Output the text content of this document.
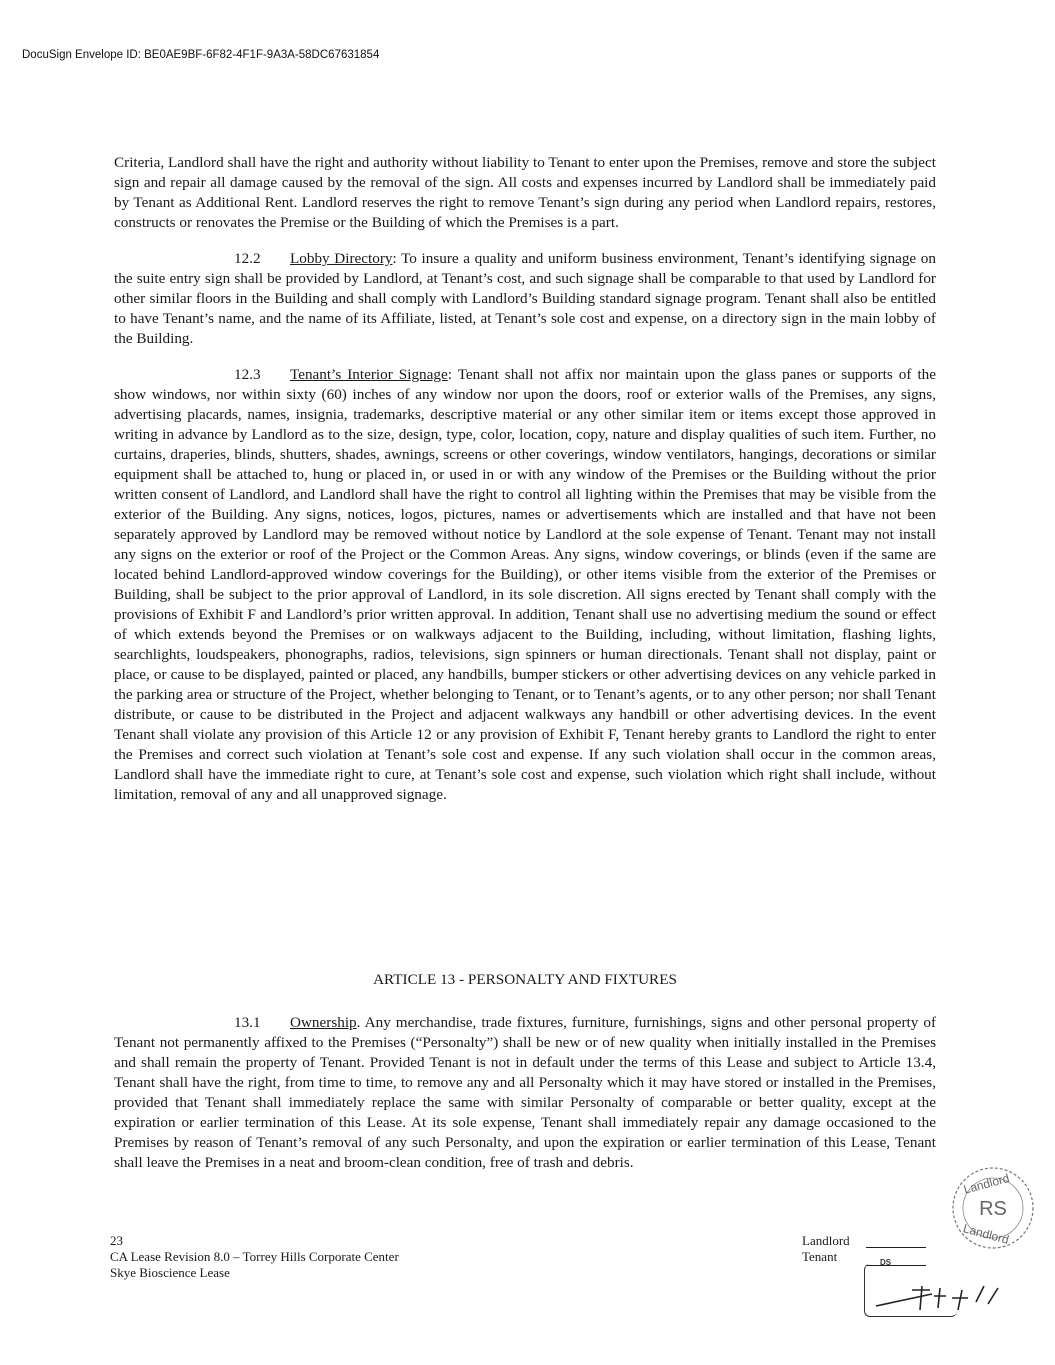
DocuSign Envelope ID: BE0AE9BF-6F82-4F1F-9A3A-58DC67631854

Criteria, Landlord shall have the right and authority without liability to Tenant to enter upon the Premises, remove and store the subject sign and repair all damage caused by the removal of the sign. All costs and expenses incurred by Landlord shall be immediately paid by Tenant as Additional Rent. Landlord reserves the right to remove Tenant’s sign during any period when Landlord repairs, restores, constructs or renovates the Premise or the Building of which the Premises is a part.

12.2 Lobby Directory: To insure a quality and uniform business environment, Tenant’s identifying signage on the suite entry sign shall be provided by Landlord, at Tenant’s cost, and such signage shall be comparable to that used by Landlord for other similar floors in the Building and shall comply with Landlord’s Building standard signage program. Tenant shall also be entitled to have Tenant’s name, and the name of its Affiliate, listed, at Tenant’s sole cost and expense, on a directory sign in the main lobby of the Building.

12.3 Tenant’s Interior Signage: Tenant shall not affix nor maintain upon the glass panes or supports of the show windows, nor within sixty (60) inches of any window nor upon the doors, roof or exterior walls of the Premises, any signs, advertising placards, names, insignia, trademarks, descriptive material or any other similar item or items except those approved in writing in advance by Landlord as to the size, design, type, color, location, copy, nature and display qualities of such item. Further, no curtains, draperies, blinds, shutters, shades, awnings, screens or other coverings, window ventilators, hangings, decorations or similar equipment shall be attached to, hung or placed in, or used in or with any window of the Premises or the Building without the prior written consent of Landlord, and Landlord shall have the right to control all lighting within the Premises that may be visible from the exterior of the Building. Any signs, notices, logos, pictures, names or advertisements which are installed and that have not been separately approved by Landlord may be removed without notice by Landlord at the sole expense of Tenant. Tenant may not install any signs on the exterior or roof of the Project or the Common Areas. Any signs, window coverings, or blinds (even if the same are located behind Landlord-approved window coverings for the Building), or other items visible from the exterior of the Premises or Building, shall be subject to the prior approval of Landlord, in its sole discretion. All signs erected by Tenant shall comply with the provisions of Exhibit F and Landlord’s prior written approval. In addition, Tenant shall use no advertising medium the sound or effect of which extends beyond the Premises or on walkways adjacent to the Building, including, without limitation, flashing lights, searchlights, loudspeakers, phonographs, radios, televisions, sign spinners or human directionals. Tenant shall not display, paint or place, or cause to be displayed, painted or placed, any handbills, bumper stickers or other advertising devices on any vehicle parked in the parking area or structure of the Project, whether belonging to Tenant, or to Tenant’s agents, or to any other person; nor shall Tenant distribute, or cause to be distributed in the Project and adjacent walkways any handbill or other advertising devices. In the event Tenant shall violate any provision of this Article 12 or any provision of Exhibit F, Tenant hereby grants to Landlord the right to enter the Premises and correct such violation at Tenant’s sole cost and expense. If any such violation shall occur in the common areas, Landlord shall have the immediate right to cure, at Tenant’s sole cost and expense, such violation which right shall include, without limitation, removal of any and all unapproved signage.

ARTICLE 13 - PERSONALTY AND FIXTURES
13.1 Ownership. Any merchandise, trade fixtures, furniture, furnishings, signs and other personal property of Tenant not permanently affixed to the Premises (“Personalty”) shall be new or of new quality when initially installed in the Premises and shall remain the property of Tenant. Provided Tenant is not in default under the terms of this Lease and subject to Article 13.4, Tenant shall have the right, from time to time, to remove any and all Personalty which it may have stored or installed in the Premises, provided that Tenant shall immediately replace the same with similar Personalty of comparable or better quality, except at the expiration or earlier termination of this Lease. At its sole expense, Tenant shall immediately repair any damage occasioned to the Premises by reason of Tenant’s removal of any such Personalty, and upon the expiration or earlier termination of this Lease, Tenant shall leave the Premises in a neat and broom-clean condition, free of trash and debris.
Landlord
RS
Landlord
23
CA Lease Revision 8.0 – Torrey Hills Corporate Center
Skye Bioscience Lease
Landlord
Tenant	DS
